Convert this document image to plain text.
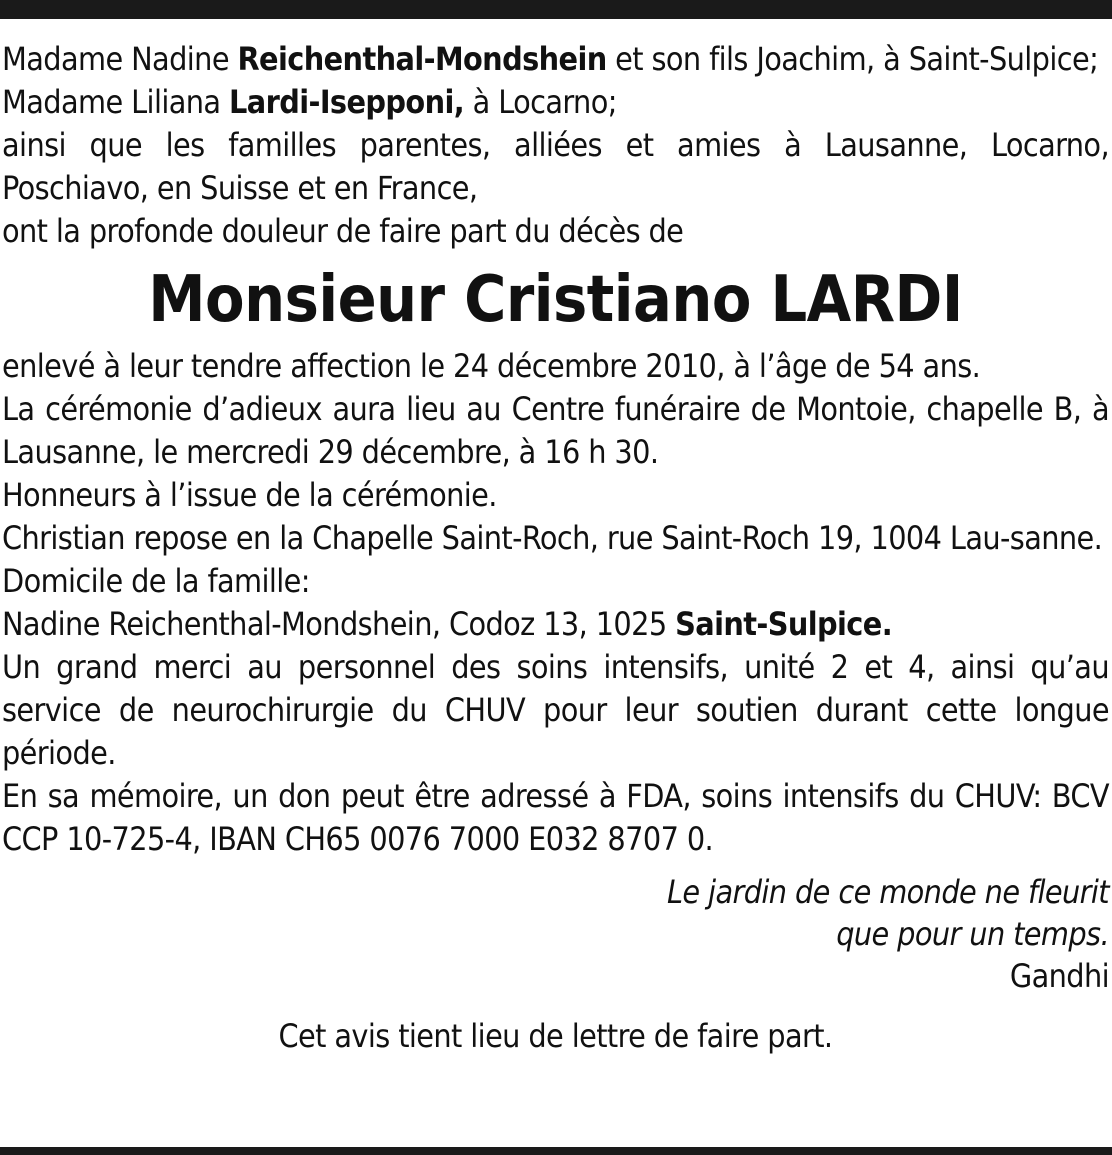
Madame Nadine Reichenthal-Mondshein et son fils Joachim, à Saint-Sulpice;

Madame Liliana Lardi-Isepponi, à Locarno;

ainsi que les familles parentes, alliées et amies à Lausanne, Locarno, Poschiavo, en Suisse et en France,

ont la profonde douleur de faire part du décès de

Monsieur Cristiano LARDI

enlevé à leur tendre affection le 24 décembre 2010, à l’âge de 54 ans.

La cérémonie d’adieux aura lieu au Centre funéraire de Montoie, chapelle B, à Lausanne, le mercredi 29 décembre, à 16 h 30.

Honneurs à l’issue de la cérémonie.

Christian repose en la Chapelle Saint-Roch, rue Saint-Roch 19, 1004 Lau-sanne.

Domicile de la famille:

Nadine Reichenthal-Mondshein, Codoz 13, 1025 Saint-Sulpice.

Un grand merci au personnel des soins intensifs, unité 2 et 4, ainsi qu’au service de neurochirurgie du CHUV pour leur soutien durant cette longue période.

En sa mémoire, un don peut être adressé à FDA, soins intensifs du CHUV: BCV CCP 10-725-4, IBAN CH65 0076 7000 E032 8707 0.

Le jardin de ce monde ne fleurit
que pour un temps.
Gandhi
Cet avis tient lieu de lettre de faire part.
